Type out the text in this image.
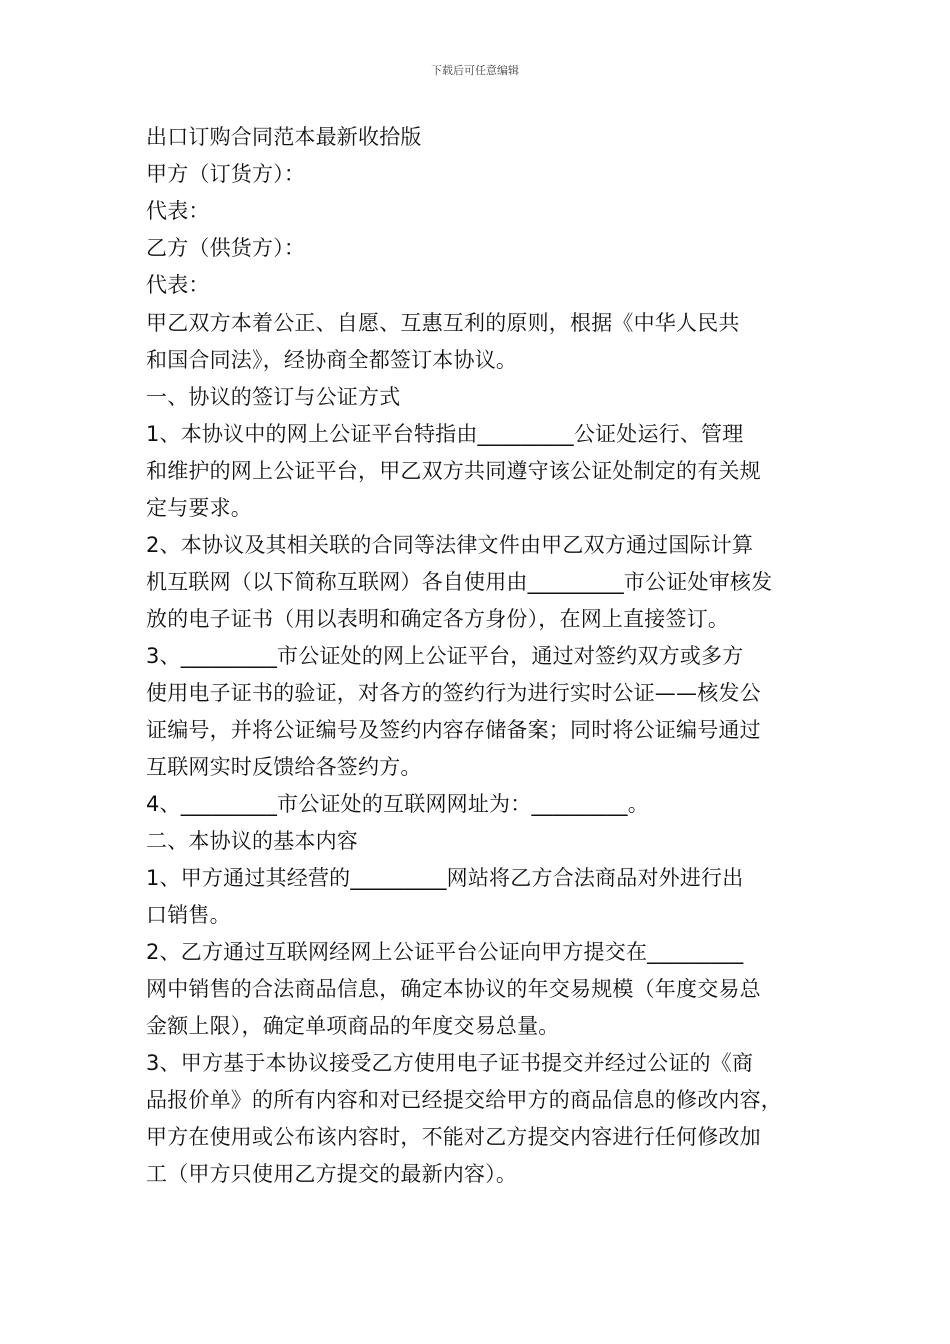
下载后可任意编辑
出口订购合同范本最新收拾版
甲方（订货方）：
代表：
乙方（供货方）：
代表：
甲乙双方本着公正、自愿、互惠互利的原则，根据《中华人民共
和国合同法》，经协商全都签订本协议。
一、协议的签订与公证方式
1、本协议中的网上公证平台特指由_________公证处运行、管理
和维护的网上公证平台，甲乙双方共同遵守该公证处制定的有关规
定与要求。
2、本协议及其相关联的合同等法律文件由甲乙双方通过国际计算
机互联网（以下简称互联网）各自使用由_________市公证处审核发
放的电子证书（用以表明和确定各方身份），在网上直接签订。
3、_________市公证处的网上公证平台，通过对签约双方或多方
使用电子证书的验证，对各方的签约行为进行实时公证——核发公
证编号，并将公证编号及签约内容存储备案；同时将公证编号通过
互联网实时反馈给各签约方。
4、_________市公证处的互联网网址为：_________。
二、本协议的基本内容
1、甲方通过其经营的_________网站将乙方合法商品对外进行出
口销售。
2、乙方通过互联网经网上公证平台公证向甲方提交在_________
网中销售的合法商品信息，确定本协议的年交易规模（年度交易总
金额上限），确定单项商品的年度交易总量。
3、甲方基于本协议接受乙方使用电子证书提交并经过公证的《商
品报价单》的所有内容和对已经提交给甲方的商品信息的修改内容，
甲方在使用或公布该内容时，不能对乙方提交内容进行任何修改加
工（甲方只使用乙方提交的最新内容）。
